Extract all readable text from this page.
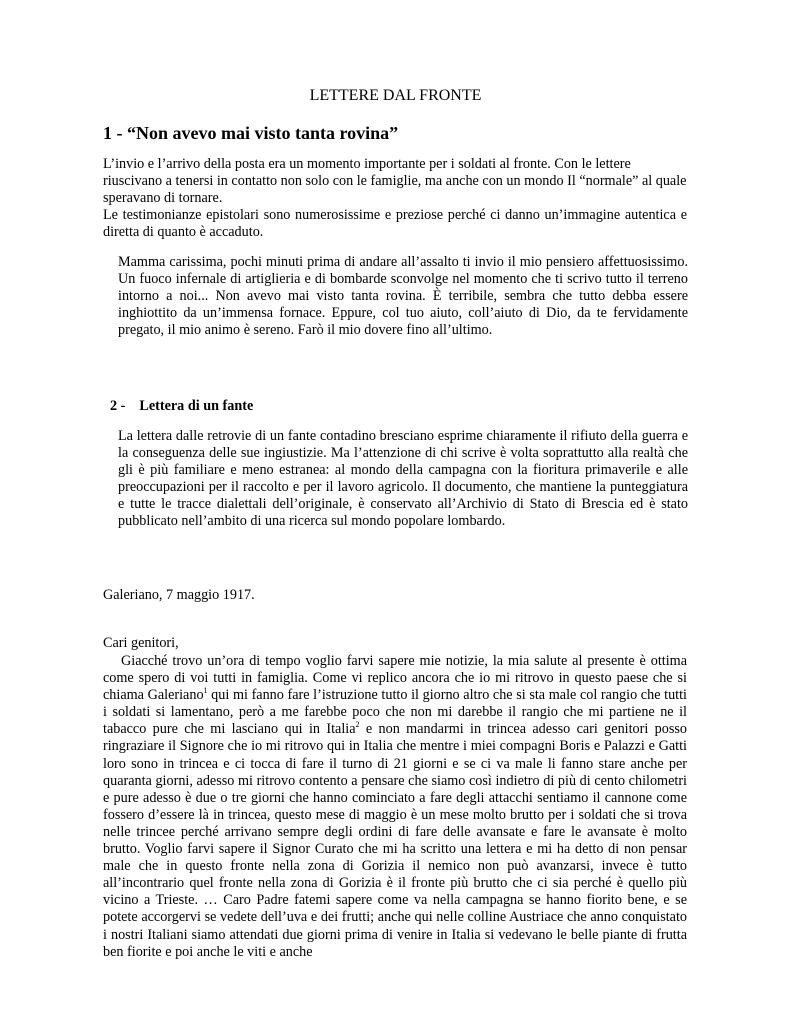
LETTERE DAL FRONTE
1 - “Non avevo mai visto tanta rovina”

L’invio e l’arrivo della posta era un momento importante per i soldati al fronte. Con le lettere riuscivano a tenersi in contatto non solo con le famiglie, ma anche con un mondo Il “normale” al quale speravano di tornare.

Le testimonianze epistolari sono numerosissime e preziose perché ci danno un’immagine autentica e diretta di quanto è accaduto.

Mamma carissima, pochi minuti prima di andare all’assalto ti invio il mio pensiero affettuosissimo. Un fuoco infernale di artiglieria e di bombarde sconvolge nel momento che ti scrivo tutto il terreno intorno a noi... Non avevo mai visto tanta rovina. È terribile, sembra che tutto debba essere inghiottito da un’immensa fornace. Eppure, col tuo aiuto, coll’aiuto di Dio, da te fervidamente pregato, il mio animo è sereno. Farò il mio dovere fino all’ultimo.

2 - Lettera di un fante

La lettera dalle retrovie di un fante contadino bresciano esprime chiaramente il rifiuto della guerra e la conseguenza delle sue ingiustizie. Ma l’attenzione di chi scrive è volta soprattutto alla realtà che gli è più familiare e meno estranea: al mondo della campagna con la fioritura primaverile e alle preoccupazioni per il raccolto e per il lavoro agricolo. Il documento, che mantiene la punteggiatura e tutte le tracce dialettali dell’originale, è conservato all’Archivio di Stato di Brescia ed è stato pubblicato nell’ambito di una ricerca sul mondo popolare lombardo.

Galeriano, 7 maggio 1917.
Cari genitori,

Giacché trovo un’ora di tempo voglio farvi sapere mie notizie, la mia salute al presente è ottima come spero di voi tutti in famiglia. Come vi replico ancora che io mi ritrovo in questo paese che si chiama Galeriano$^1$ qui mi fanno fare l’istruzione tutto il giorno altro che si sta male col rangio che tutti i soldati si lamentano, però a me farebbe poco che non mi darebbe il rangio che mi partiene ne il tabacco pure che mi lasciano qui in Italia$^2$ e non mandarmi in trincea adesso cari genitori posso ringraziare il Signore che io mi ritrovo qui in Italia che mentre i miei compagni Boris e Palazzi e Gatti loro sono in trincea e ci tocca di fare il turno di 21 giorni e se ci va male li fanno stare anche per quaranta giorni, adesso mi ritrovo contento a pensare che siamo così indietro di più di cento chilometri e pure adesso è due o tre giorni che hanno cominciato a fare degli attacchi sentiamo il cannone come fossero d’essere là in trincea, questo mese di maggio è un mese molto brutto per i soldati che si trova nelle trincee perché arrivano sempre degli ordini di fare delle avansate e fare le avansate è molto brutto. Voglio farvi sapere il Signor Curato che mi ha scritto una lettera e mi ha detto di non pensar male che in questo fronte nella zona di Gorizia il nemico non può avanzarsi, invece è tutto all’incontrario quel fronte nella zona di Gorizia è il fronte più brutto che ci sia perché è quello più vicino a Trieste. … Caro Padre fatemi sapere come va nella campagna se hanno fiorito bene, e se potete accorgervi se vedete dell’uva e dei frutti; anche qui nelle colline Austriace che anno conquistato i nostri Italiani siamo attendati due giorni prima di venire in Italia si vedevano le belle piante di frutta ben fiorite e poi anche le viti e anche
